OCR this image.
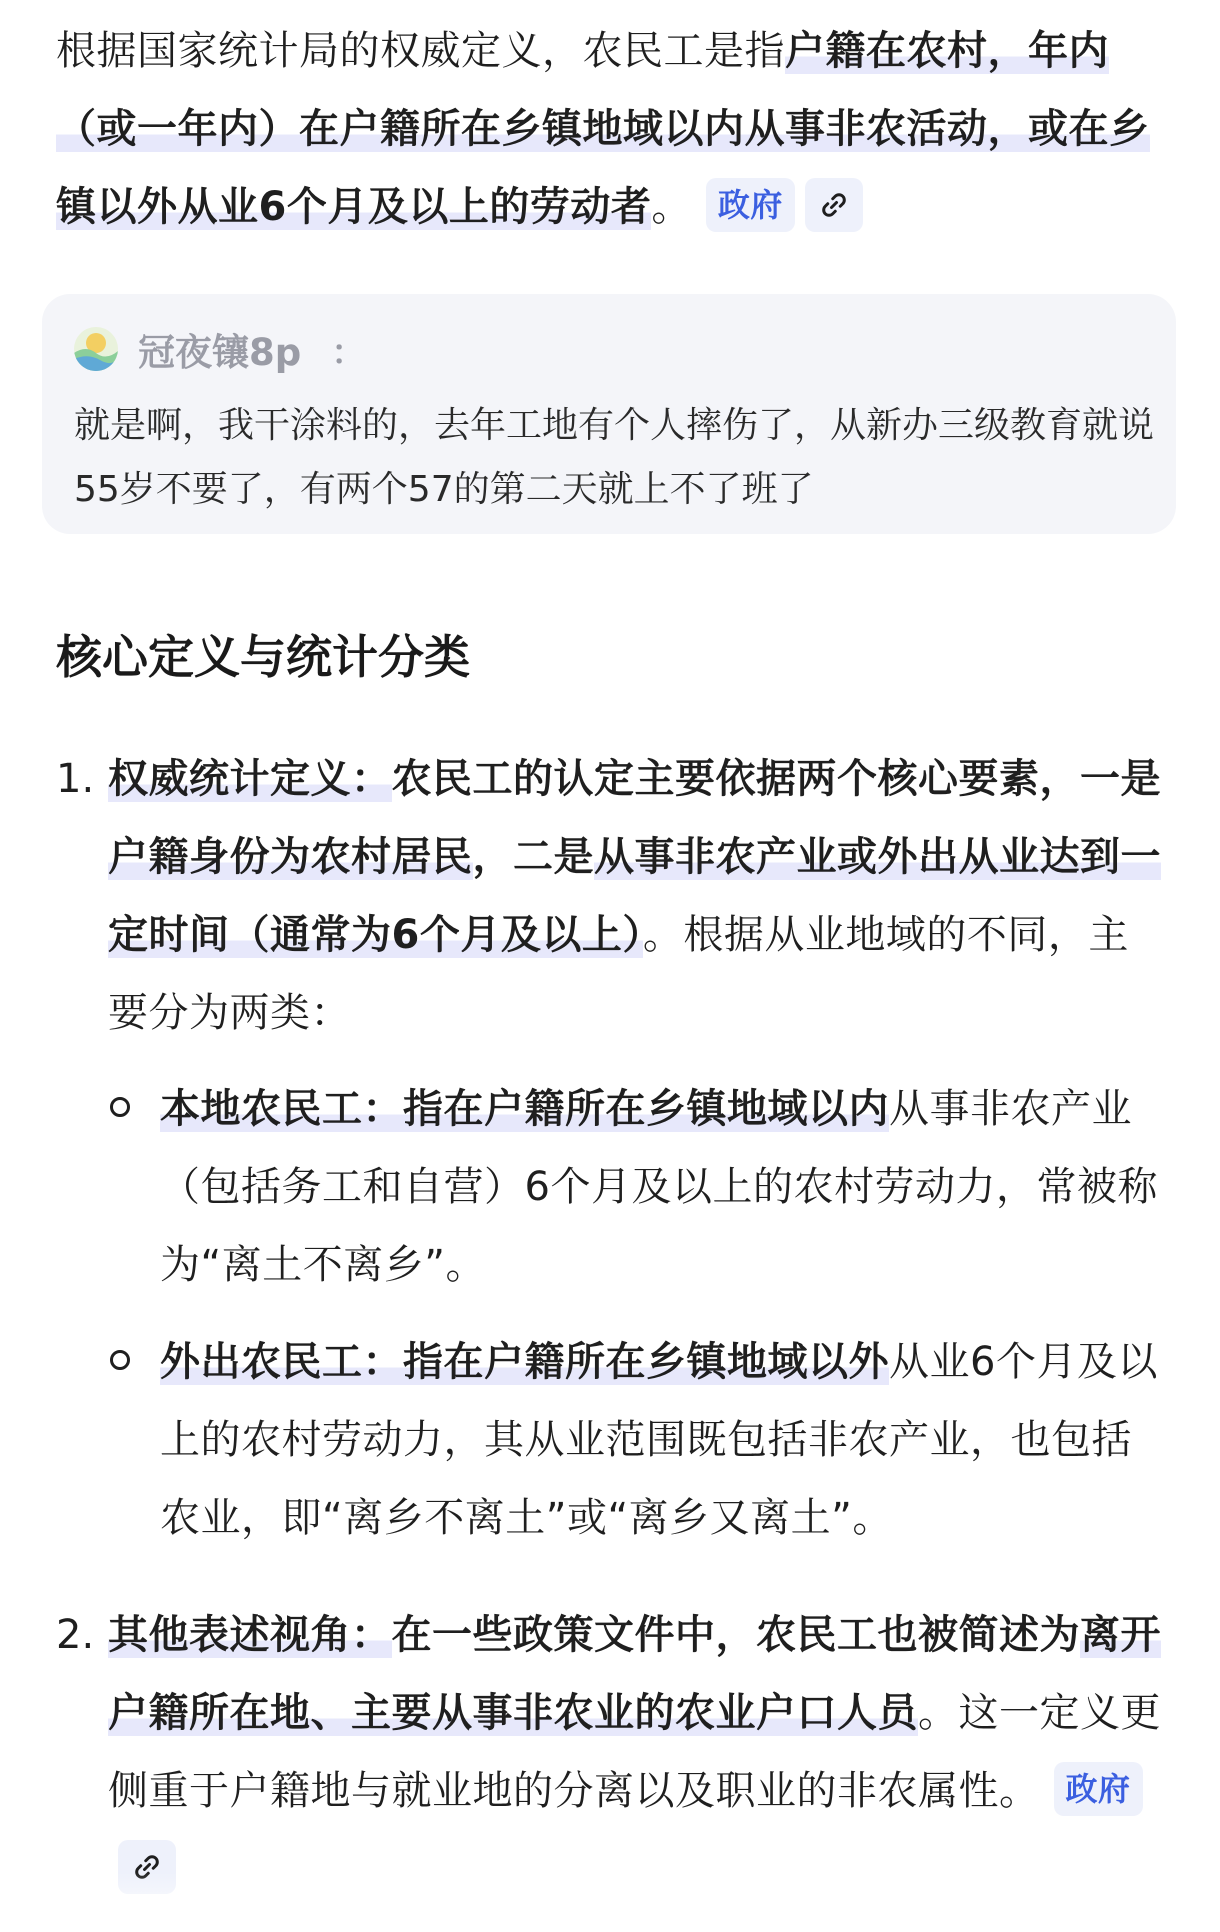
根据国家统计局的权威定义，农民工是指户籍在农村，年内（或一年内）在户籍所在乡镇地域以内从事非农活动，或在乡镇以外从业6个月及以上的劳动者。 政府
冠夜镶8p ：
就是啊，我干涂料的，去年工地有个人摔伤了，从新办三级教育就说55岁不要了，有两个57的第二天就上不了班了
核心定义与统计分类
1. 权威统计定义：农民工的认定主要依据两个核心要素，一是户籍身份为农村居民，二是从事非农产业或外出从业达到一定时间（通常为6个月及以上）。根据从业地域的不同，主要分为两类：
本地农民工：指在户籍所在乡镇地域以内从事非农产业（包括务工和自营）6个月及以上的农村劳动力，常被称为“离土不离乡”。
外出农民工：指在户籍所在乡镇地域以外从业6个月及以上的农村劳动力，其从业范围既包括非农产业，也包括农业，即“离乡不离土”或“离乡又离土”。
2. 其他表述视角：在一些政策文件中，农民工也被简述为离开户籍所在地、主要从事非农业的农业户口人员。这一定义更侧重于户籍地与就业地的分离以及职业的非农属性。 政府
